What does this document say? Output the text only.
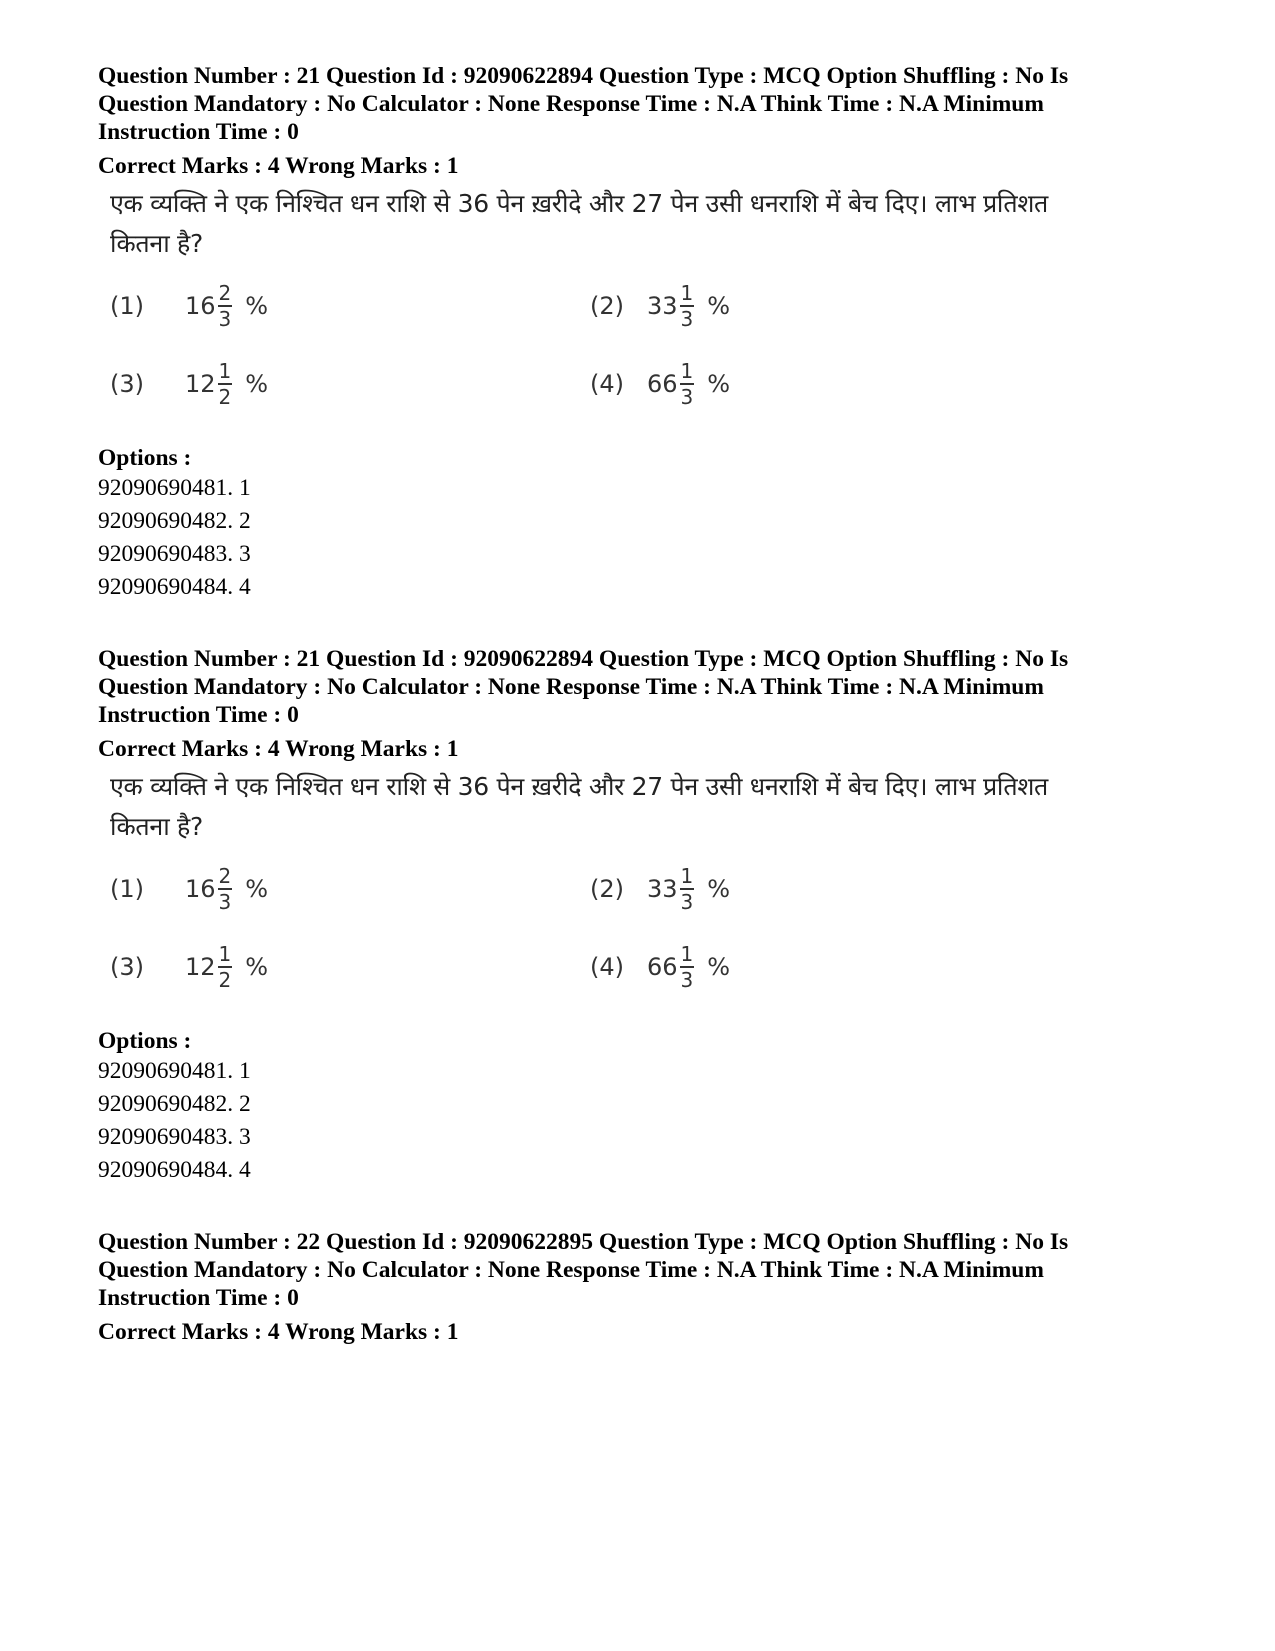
Question Number : 21 Question Id : 92090622894 Question Type : MCQ Option Shuffling : No Is
Question Mandatory : No Calculator : None Response Time : N.A Think Time : N.A Minimum
Instruction Time : 0

Correct Marks : 4 Wrong Marks : 1
एक व्यक्ति ने एक निश्चित धन राशि से 36 पेन ख़रीदे और 27 पेन उसी धनराशि में बेच दिए। लाभ प्रतिशत कितना है?
(1)	$16 \frac{2}{3}$ %	(2) $33 \frac{1}{3}$ %
(3)	$12 \frac{1}{2}$ %	(4) $66 \frac{1}{3}$ %
Options :
92090690481. 1
92090690482. 2
92090690483. 3
92090690484. 4

Question Number : 21 Question Id : 92090622894 Question Type : MCQ Option Shuffling : No Is
Question Mandatory : No Calculator : None Response Time : N.A Think Time : N.A Minimum
Instruction Time : 0

Correct Marks : 4 Wrong Marks : 1
एक व्यक्ति ने एक निश्चित धन राशि से 36 पेन ख़रीदे और 27 पेन उसी धनराशि में बेच दिए। लाभ प्रतिशत कितना है?
(1)	$16 \frac{2}{3}$ %	(2) $33 \frac{1}{3}$ %
(3)	$12 \frac{1}{2}$ %	(4) $66 \frac{1}{3}$ %
Options :
92090690481. 1
92090690482. 2
92090690483. 3
92090690484. 4

Question Number : 22 Question Id : 92090622895 Question Type : MCQ Option Shuffling : No Is
Question Mandatory : No Calculator : None Response Time : N.A Think Time : N.A Minimum
Instruction Time : 0

Correct Marks : 4 Wrong Marks : 1
